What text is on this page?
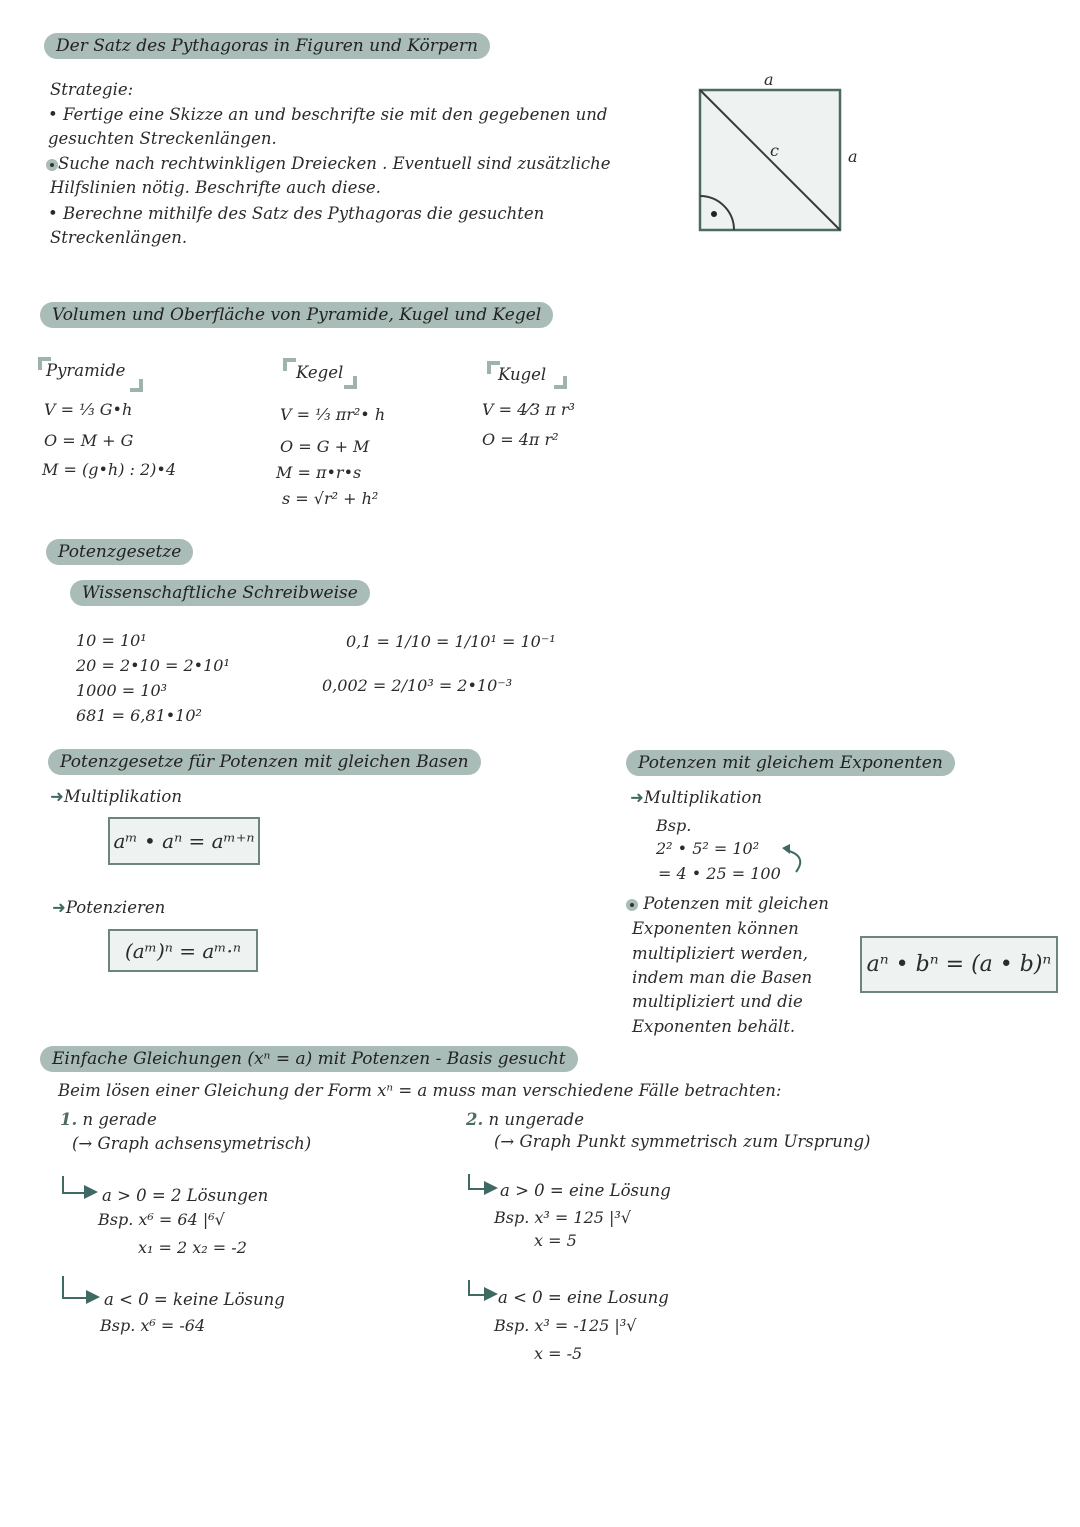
Der Satz des Pythagoras in Figuren und Körpern
Strategie:
• Fertige eine Skizze an und beschrifte sie mit den gegebenen und
gesuchten Streckenlängen.
Suche nach rechtwinkligen Dreiecken . Eventuell sind zusätzliche
Hilfslinien nötig. Beschrifte auch diese.
• Berechne mithilfe des Satz des Pythagoras die gesuchten
Streckenlängen.
a
a
c
Volumen und Oberfläche von Pyramide, Kugel und Kegel
Pyramide
V = ⅓ G•h
O = M + G
M = (g•h) : 2)•4
Kegel
V = ⅓ πr²• h
O = G + M
M = π•r•s
s = √r² + h²
Kugel
V = 4⁄3 π r³
O = 4π r²
Potenzgesetze
Wissenschaftliche Schreibweise
10 = 10¹
20 = 2•10 = 2•10¹
1000 = 10³
681 = 6,81•10²
0,1 = 1/10 = 1/10¹ = 10⁻¹
0,002 = 2/10³ = 2•10⁻³
Potenzgesetze für Potenzen mit gleichen Basen
➜Multiplikation
aᵐ • aⁿ = aᵐ⁺ⁿ
➜Potenzieren
(aᵐ)ⁿ = aᵐ·ⁿ
Potenzen mit gleichem Exponenten
➜Multiplikation
Bsp.
2² • 5² = 10²
= 4 • 25 = 100
Potenzen mit gleichen
Exponenten können
multipliziert werden,
indem man die Basen
multipliziert und die
Exponenten behält.
aⁿ • bⁿ = (a • b)ⁿ
Einfache Gleichungen (xⁿ = a) mit Potenzen - Basis gesucht
Beim lösen einer Gleichung der Form xⁿ = a muss man verschiedene Fälle betrachten:
1. n gerade
(→ Graph achsensymetrisch)
a > 0 = 2 Lösungen
Bsp. x⁶ = 64 |⁶√
x₁ = 2 x₂ = -2
a < 0 = keine Lösung
Bsp. x⁶ = -64
2. n ungerade
(→ Graph Punkt symmetrisch zum Ursprung)
a > 0 = eine Lösung
Bsp. x³ = 125 |³√
x = 5
a < 0 = eine Losung
Bsp. x³ = -125 |³√
x = -5
